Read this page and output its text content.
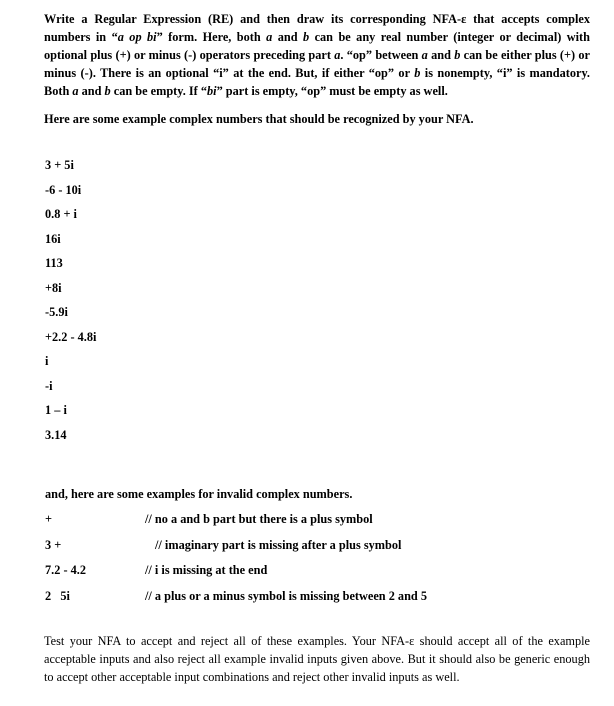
Write a Regular Expression (RE) and then draw its corresponding NFA-ε that accepts complex numbers in “a op bi” form. Here, both a and b can be any real number (integer or decimal) with optional plus (+) or minus (-) operators preceding part a. “op” between a and b can be either plus (+) or minus (-). There is an optional “i” at the end. But, if either “op” or b is nonempty, “i” is mandatory. Both a and b can be empty. If “bi” part is empty, “op” must be empty as well.

Here are some example complex numbers that should be recognized by your NFA.

3 + 5i
-6 - 10i
0.8 + i
16i
113
+8i
-5.9i
+2.2 - 4.8i
i
-i
1 – i
3.14

and, here are some examples for invalid complex numbers.

+	// no a and b part but there is a plus symbol
3 +	// imaginary part is missing after a plus symbol
7.2 - 4.2	// i is missing at the end
2   5i	// a plus or a minus symbol is missing between 2 and 5

Test your NFA to accept and reject all of these examples. Your NFA-ε should accept all of the example acceptable inputs and also reject all example invalid inputs given above. But it should also be generic enough to accept other acceptable input combinations and reject other invalid inputs as well.
